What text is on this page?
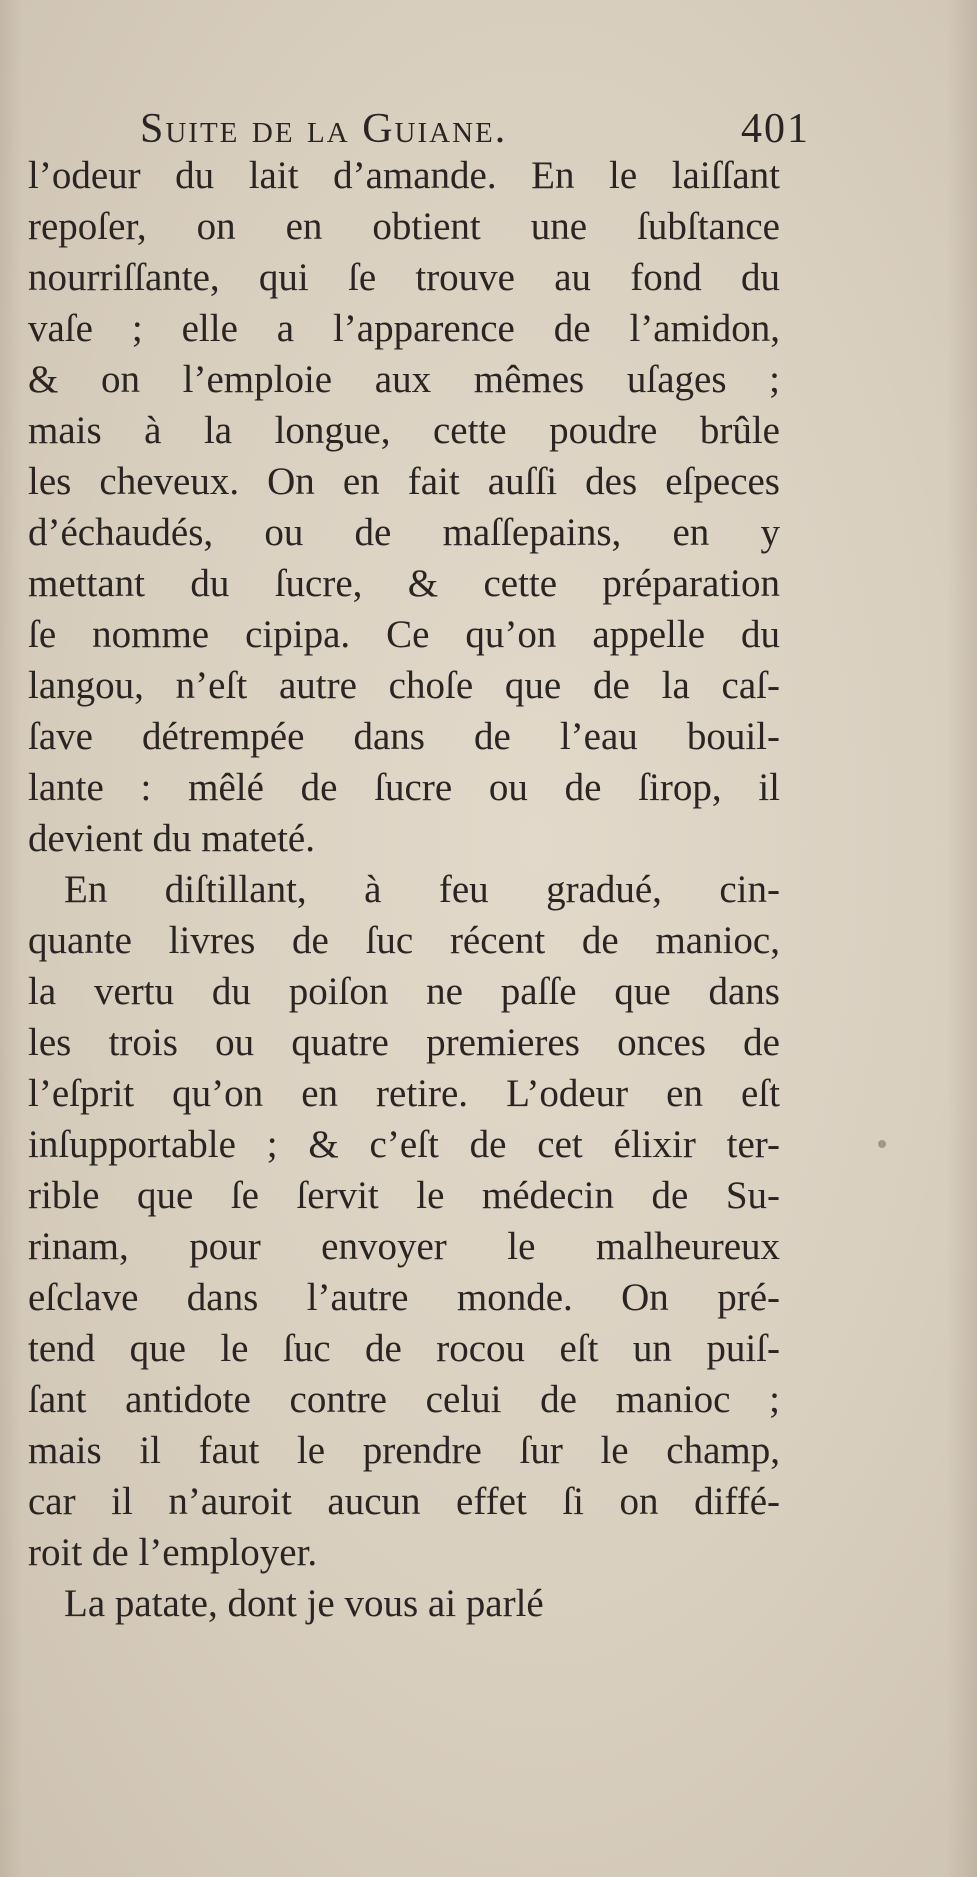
Suite de la Guiane.	401
l’odeur du lait d’amande. En le laiſſant
repoſer, on en obtient une ſubſtance
nourriſſante, qui ſe trouve au fond du
vaſe ; elle a l’apparence de l’amidon,
& on l’emploie aux mêmes uſages ;
mais à la longue, cette poudre brûle
les cheveux. On en fait auſſi des eſpeces
d’échaudés, ou de maſſepains, en y
mettant du ſucre, & cette préparation
ſe nomme cipipa. Ce qu’on appelle du
langou, n’eſt autre choſe que de la caſ-
ſave détrempée dans de l’eau bouil-
lante : mêlé de ſucre ou de ſirop, il
devient du mateté.
En diſtillant, à feu gradué, cin-
quante livres de ſuc récent de manioc,
la vertu du poiſon ne paſſe que dans
les trois ou quatre premieres onces de
l’eſprit qu’on en retire. L’odeur en eſt
inſupportable ; & c’eſt de cet élixir ter-
rible que ſe ſervit le médecin de Su-
rinam, pour envoyer le malheureux
eſclave dans l’autre monde. On pré-
tend que le ſuc de rocou eſt un puiſ-
ſant antidote contre celui de manioc ;
mais il faut le prendre ſur le champ,
car il n’auroit aucun effet ſi on diffé-
roit de l’employer.
La patate, dont je vous ai parlé
